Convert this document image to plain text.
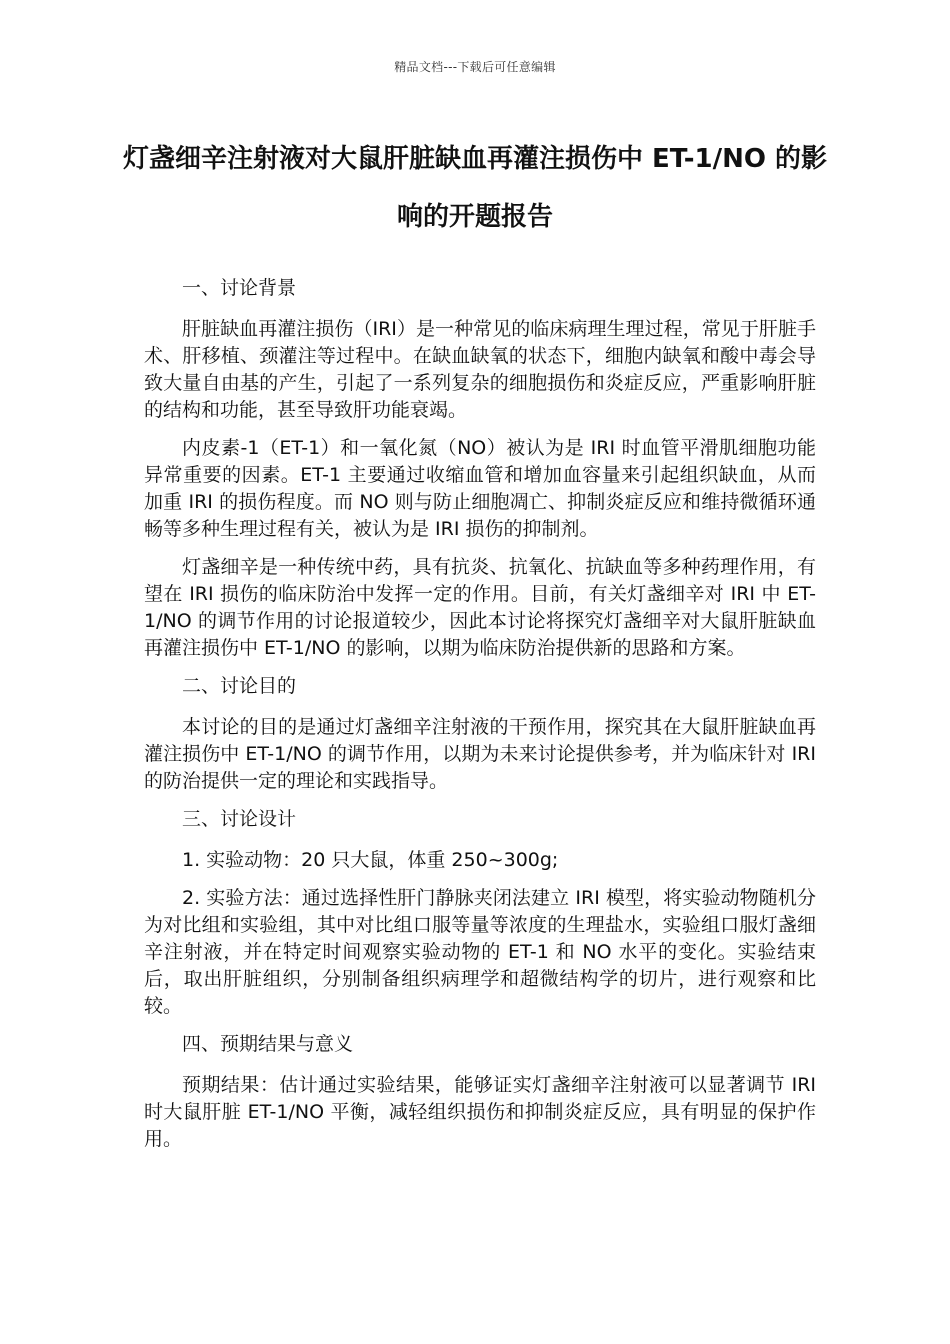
精品文档---下载后可任意编辑
灯盏细辛注射液对大鼠肝脏缺血再灌注损伤中 ET-1/NO 的影响的开题报告

一、讨论背景

肝脏缺血再灌注损伤（IRI）是一种常见的临床病理生理过程，常见于肝脏手术、肝移植、颈灌注等过程中。在缺血缺氧的状态下，细胞内缺氧和酸中毒会导致大量自由基的产生，引起了一系列复杂的细胞损伤和炎症反应，严重影响肝脏的结构和功能，甚至导致肝功能衰竭。

内皮素-1（ET-1）和一氧化氮（NO）被认为是 IRI 时血管平滑肌细胞功能异常重要的因素。ET-1 主要通过收缩血管和增加血容量来引起组织缺血，从而加重 IRI 的损伤程度。而 NO 则与防止细胞凋亡、抑制炎症反应和维持微循环通畅等多种生理过程有关，被认为是 IRI 损伤的抑制剂。

灯盏细辛是一种传统中药，具有抗炎、抗氧化、抗缺血等多种药理作用，有望在 IRI 损伤的临床防治中发挥一定的作用。目前，有关灯盏细辛对 IRI 中 ET-1/NO 的调节作用的讨论报道较少，因此本讨论将探究灯盏细辛对大鼠肝脏缺血再灌注损伤中 ET-1/NO 的影响，以期为临床防治提供新的思路和方案。

二、讨论目的

本讨论的目的是通过灯盏细辛注射液的干预作用，探究其在大鼠肝脏缺血再灌注损伤中 ET-1/NO 的调节作用，以期为未来讨论提供参考，并为临床针对 IRI 的防治提供一定的理论和实践指导。

三、讨论设计

1. 实验动物：20 只大鼠，体重 250~300g;

2. 实验方法：通过选择性肝门静脉夹闭法建立 IRI 模型，将实验动物随机分为对比组和实验组，其中对比组口服等量等浓度的生理盐水，实验组口服灯盏细辛注射液，并在特定时间观察实验动物的 ET-1 和 NO 水平的变化。实验结束后，取出肝脏组织，分别制备组织病理学和超微结构学的切片，进行观察和比较。

四、预期结果与意义

预期结果：估计通过实验结果，能够证实灯盏细辛注射液可以显著调节 IRI 时大鼠肝脏 ET-1/NO 平衡，减轻组织损伤和抑制炎症反应，具有明显的保护作用。
